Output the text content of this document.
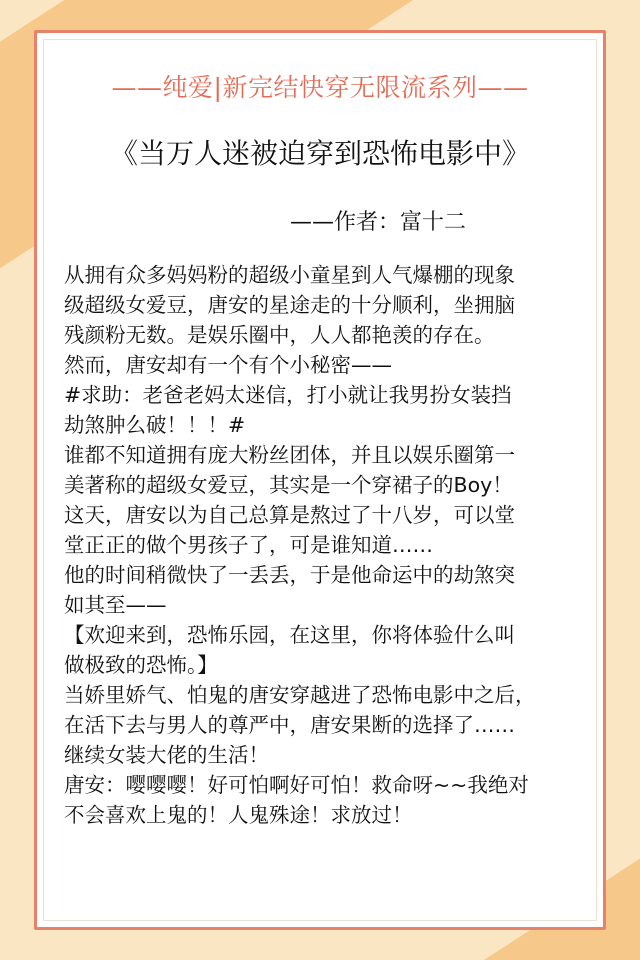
——纯爱|新完结快穿无限流系列——
《当万人迷被迫穿到恐怖电影中》
——作者：富十二
从拥有众多妈妈粉的超级小童星到人气爆棚的现象
级超级女爱豆，唐安的星途走的十分顺利，坐拥脑
残颜粉无数。是娱乐圈中，人人都艳羡的存在。
然而，唐安却有一个有个小秘密——
#求助：老爸老妈太迷信，打小就让我男扮女装挡
劫煞肿么破！！！#
谁都不知道拥有庞大粉丝团体，并且以娱乐圈第一
美著称的超级女爱豆，其实是一个穿裙子的Boy！
这天，唐安以为自己总算是熬过了十八岁，可以堂
堂正正的做个男孩子了，可是谁知道……
他的时间稍微快了一丢丢，于是他命运中的劫煞突
如其至——
【欢迎来到，恐怖乐园，在这里，你将体验什么叫
做极致的恐怖。】
当娇里娇气、怕鬼的唐安穿越进了恐怖电影中之后，
在活下去与男人的尊严中，唐安果断的选择了……
继续女装大佬的生活！
唐安：嘤嘤嘤！好可怕啊好可怕！救命呀~~我绝对
不会喜欢上鬼的！人鬼殊途！求放过！
